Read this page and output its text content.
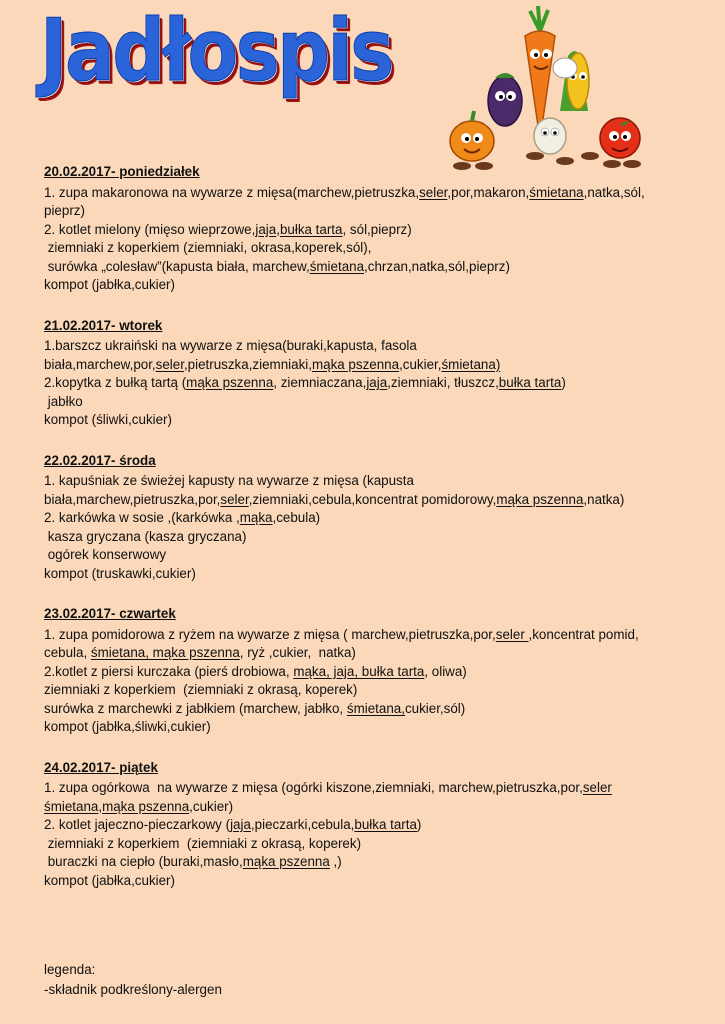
Jadłospis
20.02.2017- poniedziałek
1. zupa makaronowa na wywarze z mięsa(marchew,pietruszka,seler,por,makaron,śmietana,natka,sól,
pieprz)
2. kotlet mielony (mięso wieprzowe,jaja,bułka tarta, sól,pieprz)
ziemniaki z koperkiem (ziemniaki, okrasa,koperek,sól),
surówka „colesław”(kapusta biała, marchew,śmietana,chrzan,natka,sól,pieprz)
kompot (jabłka,cukier)
21.02.2017- wtorek
1.barszcz ukraiński na wywarze z mięsa(buraki,kapusta, fasola
biała,marchew,por,seler,pietruszka,ziemniaki,mąka pszenna,cukier,śmietana)
2.kopytka z bułką tartą (mąka pszenna, ziemniaczana,jaja,ziemniaki, tłuszcz,bułka tarta)
jabłko
kompot (śliwki,cukier)
22.02.2017- środa
1. kapuśniak ze świeżej kapusty na wywarze z mięsa (kapusta
biała,marchew,pietruszka,por,seler,ziemniaki,cebula,koncentrat pomidorowy,mąka pszenna,natka)
2. karkówka w sosie ,(karkówka ,mąka,cebula)
kasza gryczana (kasza gryczana)
ogórek konserwowy
kompot (truskawki,cukier)
23.02.2017- czwartek
1. zupa pomidorowa z ryżem na wywarze z mięsa ( marchew,pietruszka,por,seler ,koncentrat pomid,
cebula, śmietana, mąka pszenna, ryż ,cukier,  natka)
2.kotlet z piersi kurczaka (pierś drobiowa, mąka, jaja, bułka tarta, oliwa)
ziemniaki z koperkiem  (ziemniaki z okrasą, koperek)
surówka z marchewki z jabłkiem (marchew, jabłko, śmietana,cukier,sól)
kompot (jabłka,śliwki,cukier)
24.02.2017- piątek
1. zupa ogórkowa  na wywarze z mięsa (ogórki kiszone,ziemniaki, marchew,pietruszka,por,seler
śmietana,mąka pszenna,cukier)
2. kotlet jajeczno-pieczarkowy (jaja,pieczarki,cebula,bułka tarta)
ziemniaki z koperkiem  (ziemniaki z okrasą, koperek)
buraczki na ciepło (buraki,masło,mąka pszenna ,)
kompot (jabłka,cukier)
legenda:
-składnik podkreślony-alergen
